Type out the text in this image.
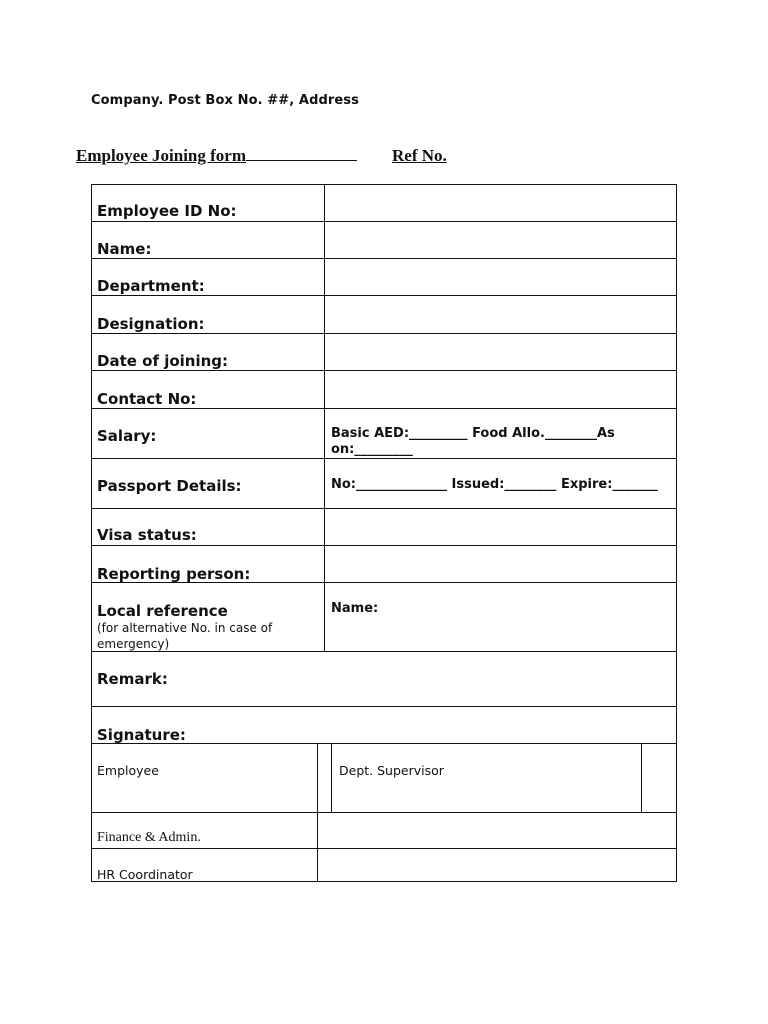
Company. Post Box No. ##, Address
Employee Joining form	Ref No.
Employee ID No:
Name:
Department:
Designation:
Date of joining:
Contact No:
Salary:
Passport Details:
Visa status:
Reporting person:
Local reference
(for alternative No. in case of emergency)
Basic AED:_________ Food Allo.________As on:_________
No:______________ Issued:________ Expire:_______
Name:
Remark:
Signature:
Employee	Dept. Supervisor
Finance & Admin.
HR Coordinator
